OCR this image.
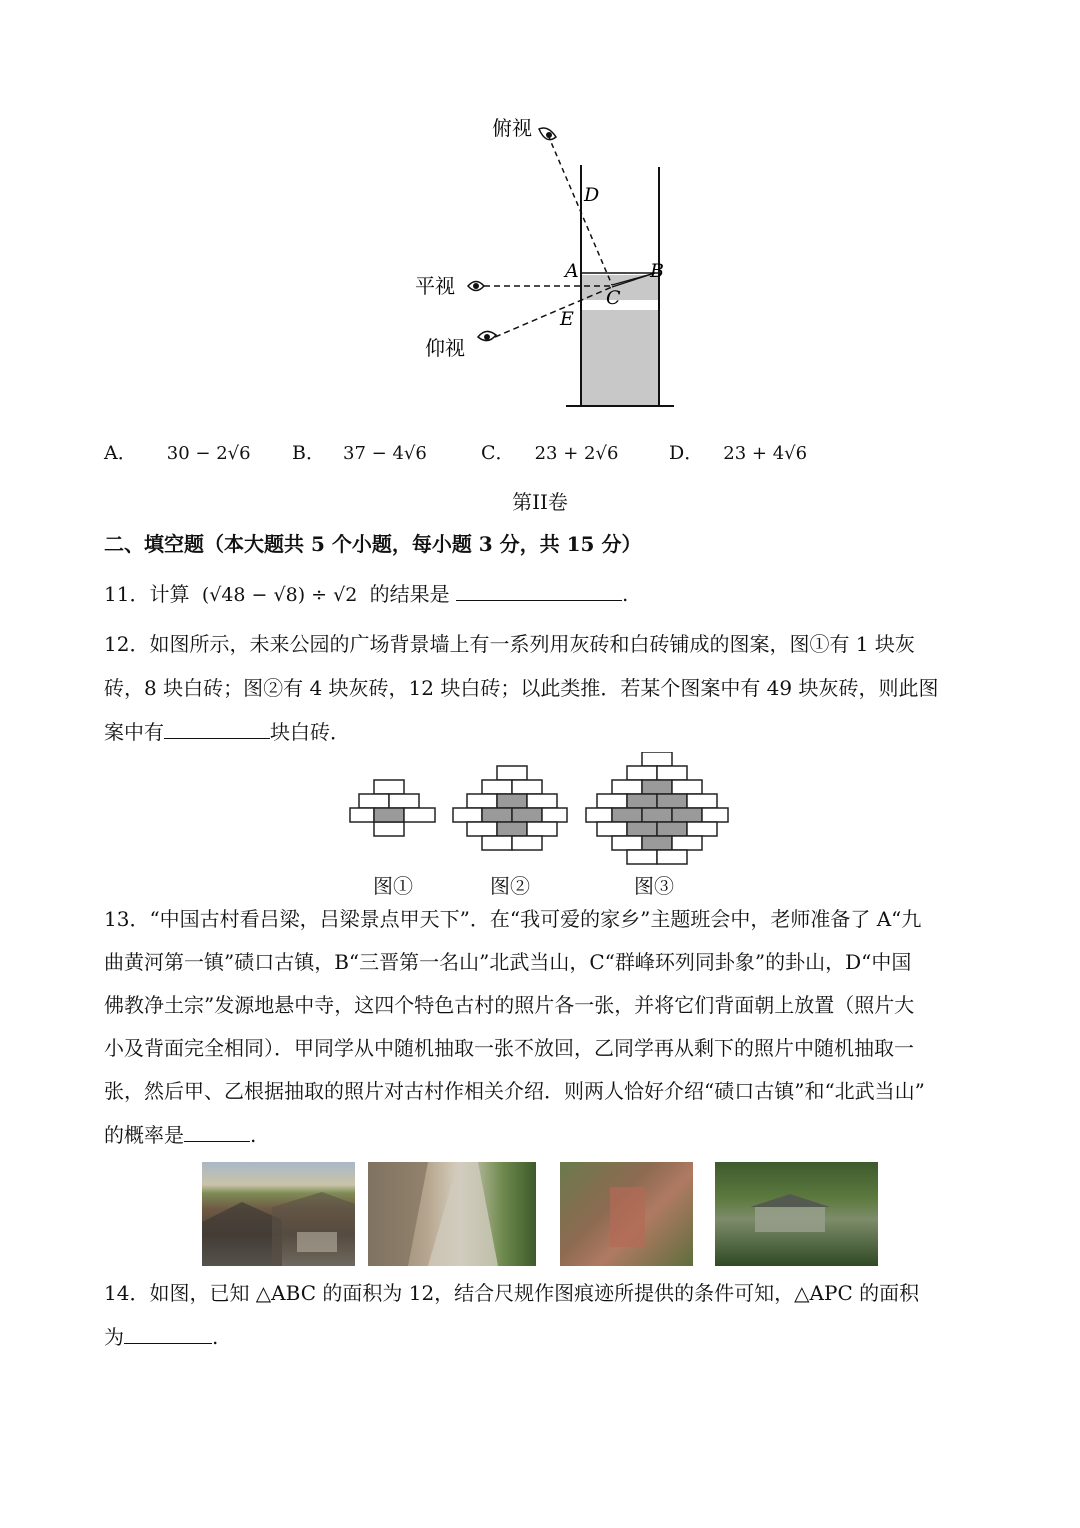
俯视
平视
仰视
D
A	B
C
E
A． 30 − 2√6 B． 37 − 4√6	C． 23 + 2√6	D． 23 + 4√6
第II卷
二、填空题（本大题共 5 个小题，每小题 3 分，共 15 分）
11．计算 (√48 − √8) ÷ √2 的结果是	.
12．如图所示，未来公园的广场背景墙上有一系列用灰砖和白砖铺成的图案，图①有 1 块灰
砖，8 块白砖；图②有 4 块灰砖，12 块白砖；以此类推．若某个图案中有 49 块灰砖，则此图
案中有	块白砖．
图①	图②	图③
13．“中国古村看吕梁，吕梁景点甲天下”．在“我可爱的家乡”主题班会中，老师准备了 A“九
曲黄河第一镇”碛口古镇，B“三晋第一名山”北武当山，C“群峰环列同卦象”的卦山，D“中国
佛教净土宗”发源地悬中寺，这四个特色古村的照片各一张，并将它们背面朝上放置（照片大
小及背面完全相同）．甲同学从中随机抽取一张不放回，乙同学再从剩下的照片中随机抽取一
张，然后甲、乙根据抽取的照片对古村作相关介绍．则两人恰好介绍“碛口古镇”和“北武当山”
的概率是	.
14．如图，已知 △ABC 的面积为 12，结合尺规作图痕迹所提供的条件可知，△APC 的面积
为	.
